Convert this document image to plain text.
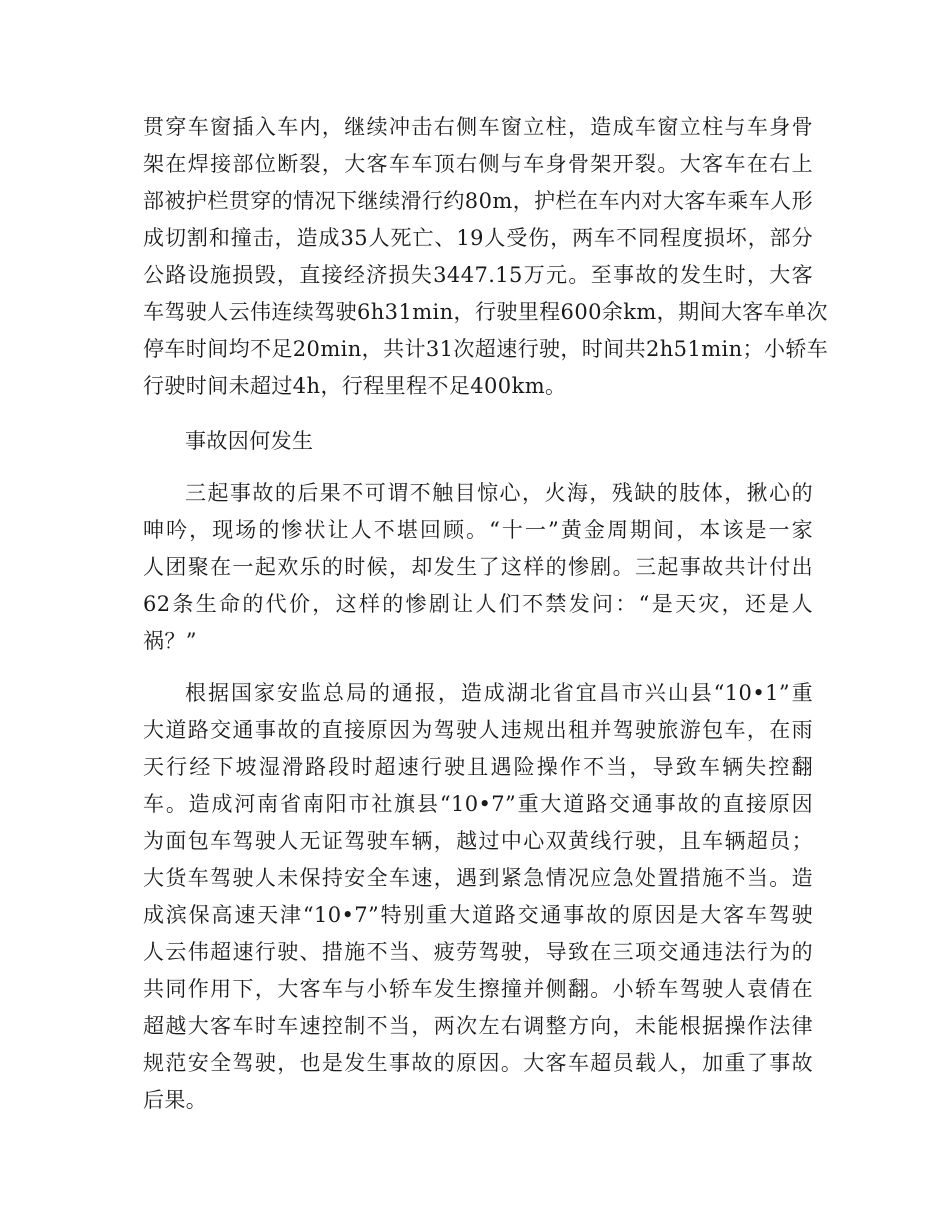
贯穿车窗插入车内，继续冲击右侧车窗立柱，造成车窗立柱与车身骨
架在焊接部位断裂，大客车车顶右侧与车身骨架开裂。大客车在右上
部被护栏贯穿的情况下继续滑行约80m，护栏在车内对大客车乘车人形
成切割和撞击，造成35人死亡、19人受伤，两车不同程度损坏，部分
公路设施损毁，直接经济损失3447.15万元。至事故的发生时，大客
车驾驶人云伟连续驾驶6h31min，行驶里程600余km，期间大客车单次
停车时间均不足20min，共计31次超速行驶，时间共2h51min；小轿车
行驶时间未超过4h，行程里程不足400km。
事故因何发生
三起事故的后果不可谓不触目惊心，火海，残缺的肢体，揪心的
呻吟，现场的惨状让人不堪回顾。“十一”黄金周期间，本该是一家
人团聚在一起欢乐的时候，却发生了这样的惨剧。三起事故共计付出
62条生命的代价，这样的惨剧让人们不禁发问：“是天灾，还是人
祸？”
根据国家安监总局的通报，造成湖北省宜昌市兴山县“10•1”重
大道路交通事故的直接原因为驾驶人违规出租并驾驶旅游包车，在雨
天行经下坡湿滑路段时超速行驶且遇险操作不当，导致车辆失控翻
车。造成河南省南阳市社旗县“10•7”重大道路交通事故的直接原因
为面包车驾驶人无证驾驶车辆，越过中心双黄线行驶，且车辆超员；
大货车驾驶人未保持安全车速，遇到紧急情况应急处置措施不当。造
成滨保高速天津“10•7”特别重大道路交通事故的原因是大客车驾驶
人云伟超速行驶、措施不当、疲劳驾驶，导致在三项交通违法行为的
共同作用下，大客车与小轿车发生擦撞并侧翻。小轿车驾驶人袁倩在
超越大客车时车速控制不当，两次左右调整方向，未能根据操作法律
规范安全驾驶，也是发生事故的原因。大客车超员载人，加重了事故
后果。
